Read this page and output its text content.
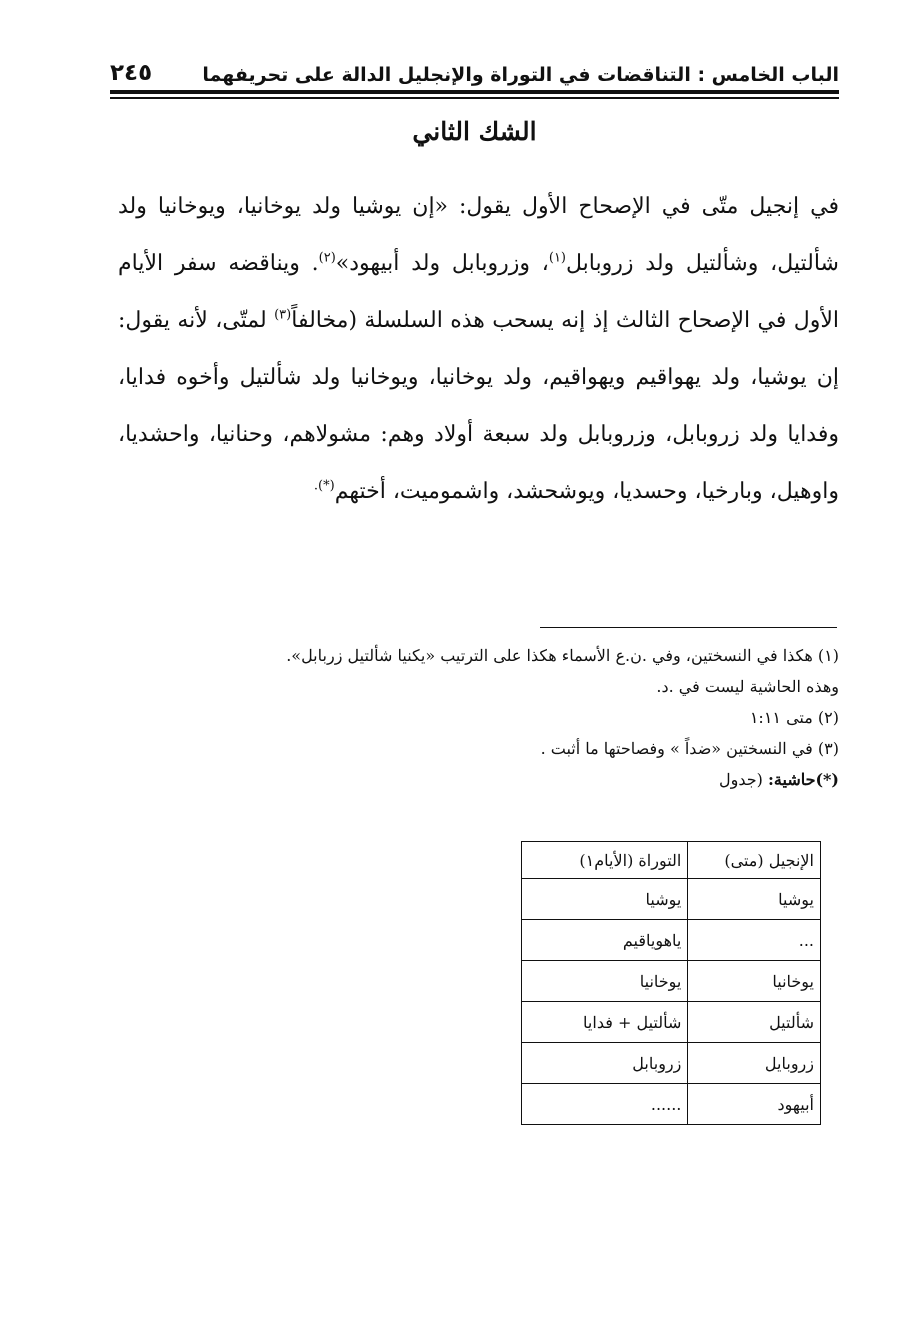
الباب الخامس : التناقضات في التوراة والإنجليل الدالة على تحريفهما
٢٤٥
الشك الثاني
في إنجيل متّى في الإصحاح الأول يقول: «إن يوشيا ولد يوخانيا، ويوخانيا ولد شألتيل، وشألتيل ولد زروبابل$^{(١)}$، وزروبابل ولد أبيهود»$^{(٢)}$. ويناقضه سفر الأيام الأول في الإصحاح الثالث إذ إنه يسحب هذه السلسلة (مخالفاً$^{(٣)}$ لمتّى، لأنه يقول: إن يوشيا، ولد يهواقيم ويهواقيم، ولد يوخانيا، ويوخانيا ولد شألتيل وأخوه فدايا، وفدايا ولد زروبابل، وزروبابل ولد سبعة أولاد وهم: مشولاهم، وحنانيا، واحشديا، واوهيل، وبارخيا، وحسديا، ويوشحشد، واشموميت، أختهم(*).

(١) هكذا في النسختين، وفي .ن.ع الأسماء هكذا على الترتيب «يكنيا شألتيل زربابل».

وهذه الحاشية ليست في .د.

(٢) متى ١:١١

(٣) في النسختين «ضداً » وفصاحتها ما أثبت .

(*)حاشية: (جدول

الإنجيل (متى)	التوراة (الأيام١)
يوشيا	يوشيا
...	ياهوياقيم
يوخانيا	يوخانيا
شألتيل	شألتيل + فدايا
زروبايل	زروبابل
أبيهود	......
